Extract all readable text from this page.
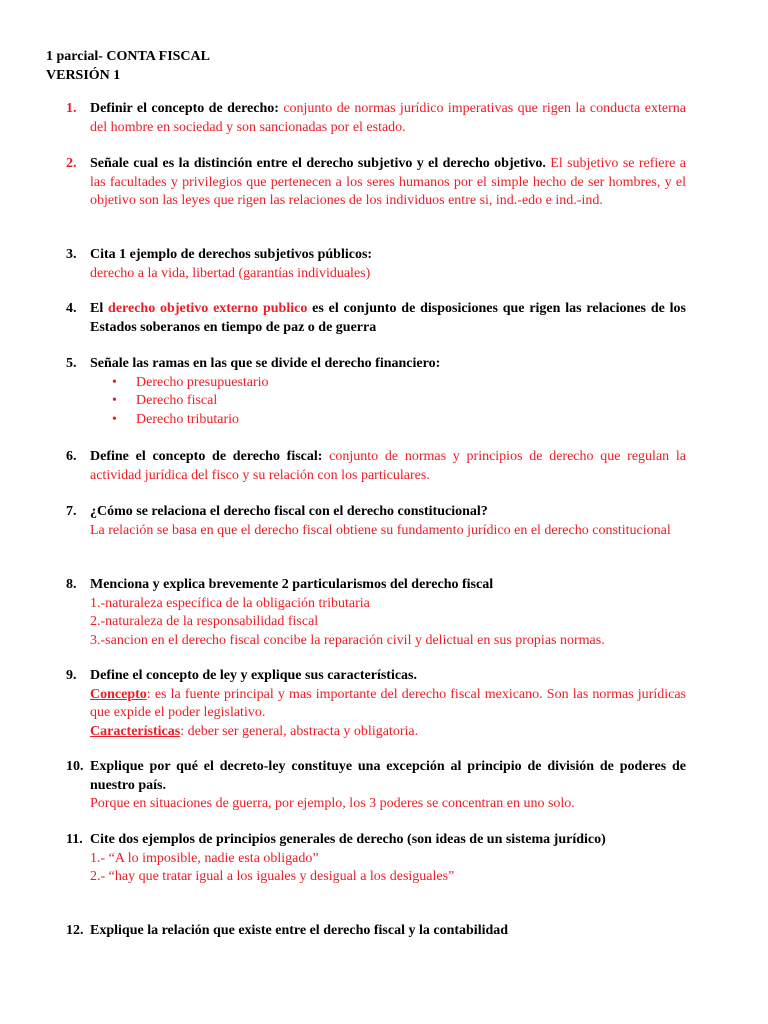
1 parcial- CONTA FISCAL
VERSIÓN 1
1. Definir el concepto de derecho: conjunto de normas jurídico imperativas que rigen la conducta externa del hombre en sociedad y son sancionadas por el estado.
2. Señale cual es la distinción entre el derecho subjetivo y el derecho objetivo. El subjetivo se refiere a las facultades y privilegios que pertenecen a los seres humanos por el simple hecho de ser hombres, y el objetivo son las leyes que rigen las relaciones de los individuos entre si, ind.-edo e ind.-ind.
3. Cita 1 ejemplo de derechos subjetivos públicos:
derecho a la vida, libertad (garantías individuales)
4. El derecho objetivo externo publico es el conjunto de disposiciones que rigen las relaciones de los Estados soberanos en tiempo de paz o de guerra
5. Señale las ramas en las que se divide el derecho financiero:
• Derecho presupuestario
• Derecho fiscal
• Derecho tributario
6. Define el concepto de derecho fiscal: conjunto de normas y principios de derecho que regulan la actividad jurídica del fisco y su relación con los particulares.
7. ¿Cómo se relaciona el derecho fiscal con el derecho constitucional?
La relación se basa en que el derecho fiscal obtiene su fundamento jurídico en el derecho constitucional
8. Menciona y explica brevemente 2 particularismos del derecho fiscal
1.-naturaleza específica de la obligación tributaria
2.-naturaleza de la responsabilidad fiscal
3.-sancion en el derecho fiscal concibe la reparación civil y delictual en sus propias normas.
9. Define el concepto de ley y explique sus características.
Concepto: es la fuente principal y mas importante del derecho fiscal mexicano. Son las normas jurídicas que expide el poder legislativo.
Características: deber ser general, abstracta y obligatoria.
10. Explique por qué el decreto-ley constituye una excepción al principio de división de poderes de nuestro país.
Porque en situaciones de guerra, por ejemplo, los 3 poderes se concentran en uno solo.
11. Cite dos ejemplos de principios generales de derecho (son ideas de un sistema jurídico)
1.- “A lo imposible, nadie esta obligado”
2.- “hay que tratar igual a los iguales y desigual a los desiguales”
12. Explique la relación que existe entre el derecho fiscal y la contabilidad
